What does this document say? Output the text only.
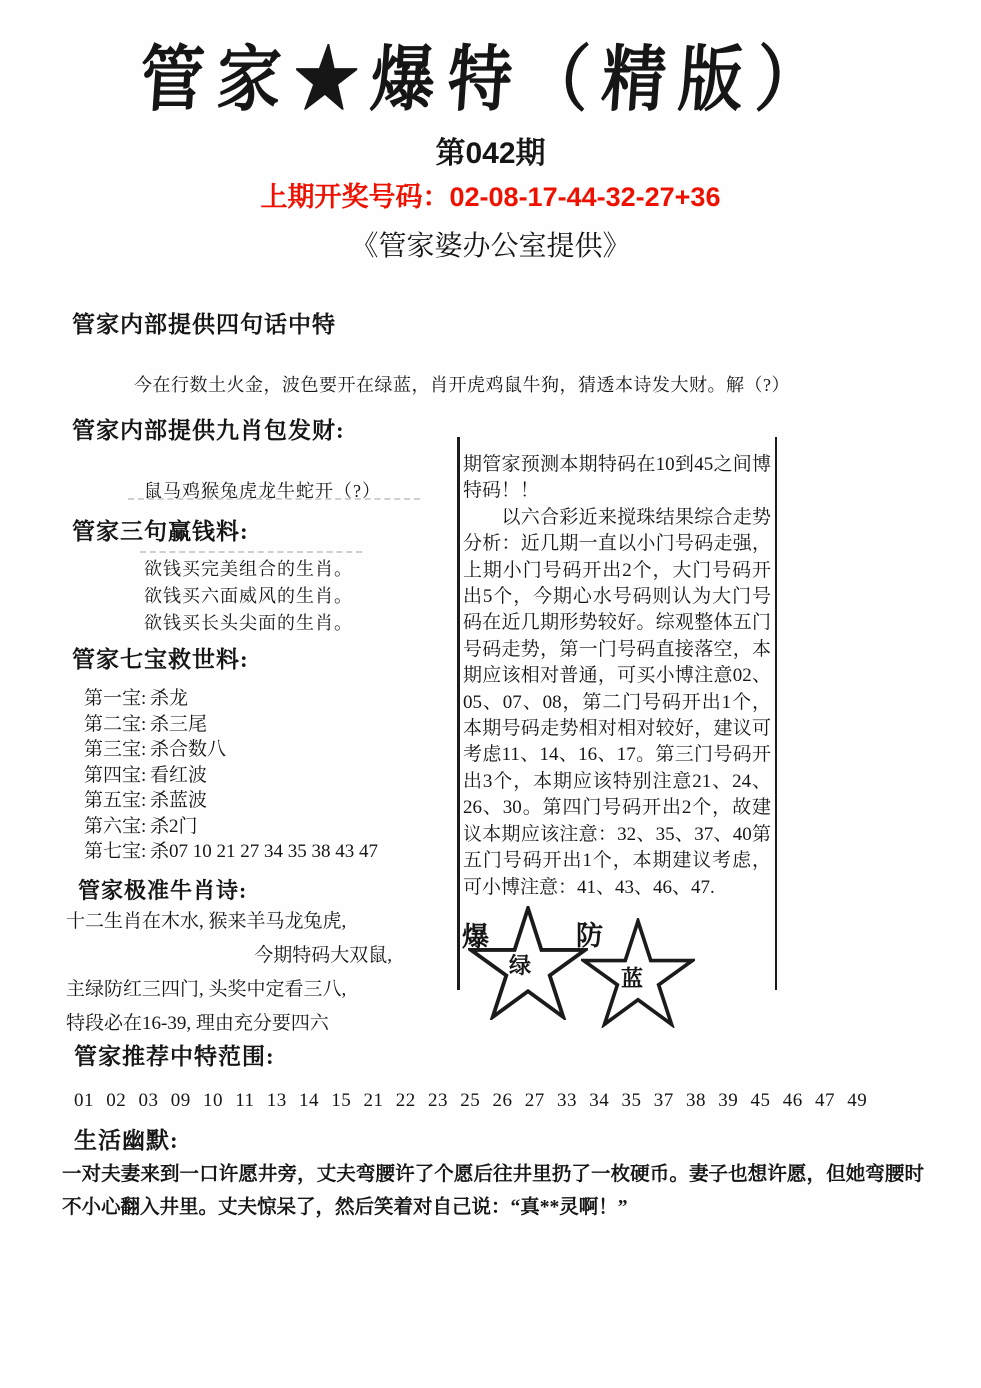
管家★爆特（精版）
第042期
上期开奖号码：02-08-17-44-32-27+36
《管家婆办公室提供》
管家内部提供四句话中特
今在行数土火金，波色要开在绿蓝，肖开虎鸡鼠牛狗，猜透本诗发大财。解（?）
管家内部提供九肖包发财:
鼠马鸡猴兔虎龙牛蛇开（?）
管家三句赢钱料:
欲钱买完美组合的生肖。
欲钱买六面威风的生肖。
欲钱买长头尖面的生肖。
管家七宝救世料:
第一宝: 杀龙
第二宝: 杀三尾
第三宝: 杀合数八
第四宝: 看红波
第五宝: 杀蓝波
第六宝: 杀2门
第七宝: 杀07 10 21 27 34 35 38 43 47
管家极准牛肖诗:
十二生肖在木水, 猴来羊马龙兔虎,
今期特码大双鼠,
主绿防红三四门, 头奖中定看三八,
特段必在16-39, 理由充分要四六
期管家预测本期特码在10到45之间博
特码！！
　　以六合彩近来搅珠结果综合走势
分析：近几期一直以小门号码走强，
上期小门号码开出2个，大门号码开
出5个，今期心水号码则认为大门号
码在近几期形势较好。综观整体五门
号码走势，第一门号码直接落空，本
期应该相对普通，可买小博注意02、
05、07、08，第二门号码开出1个，
本期号码走势相对相对较好，建议可
考虑11、14、16、17。第三门号码开
出3个，本期应该特别注意21、24、
26、30。第四门号码开出2个，故建
议本期应该注意：32、35、37、40第
五门号码开出1个，本期建议考虑，
可小博注意：41、43、46、47.
爆
绿
防
蓝
管家推荐中特范围:
01 02 03 09 10 11 13 14 15 21 22 23 25 26 27 33 34 35 37 38 39 45 46 47 49
生活幽默:
一对夫妻来到一口许愿井旁，丈夫弯腰许了个愿后往井里扔了一枚硬币。妻子也想许愿，但她弯腰时不小心翻入井里。丈夫惊呆了，然后笑着对自己说：“真**灵啊！”
